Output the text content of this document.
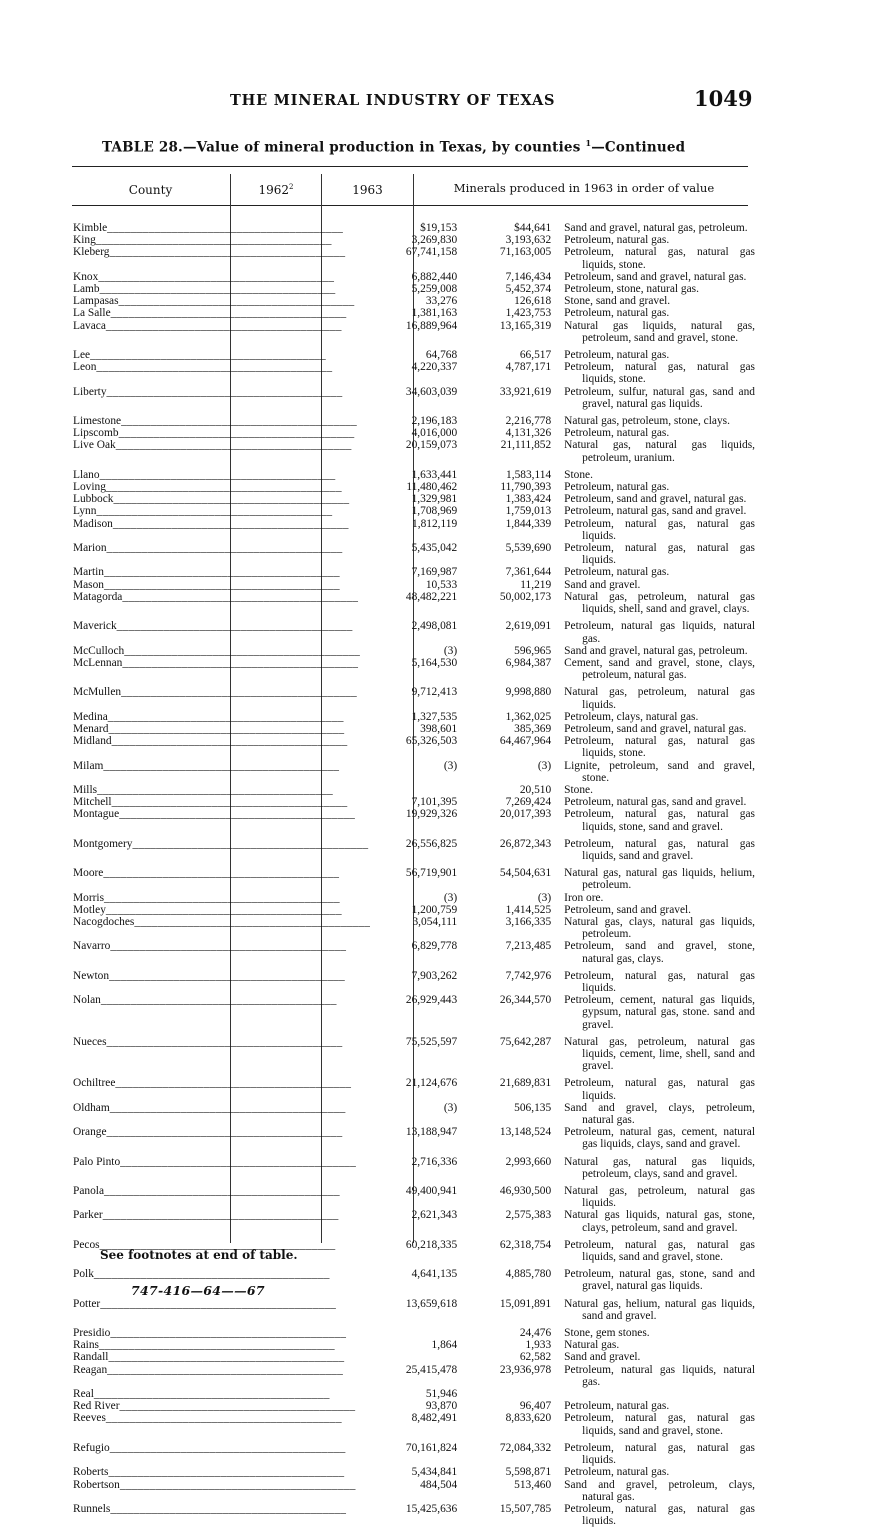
THE MINERAL INDUSTRY OF TEXAS	1049
TABLE 28.—Value of mineral production in Texas, by counties $^1$—Continued
County	1962$^2$	1963	Minerals produced in 1963 in order of value
Kimble________________________________________	$19,153	$44,641	Sand and gravel, natural gas, petroleum.

King________________________________________	3,269,830	3,193,632	Petroleum, natural gas.

Kleberg________________________________________	67,741,158	71,163,005	Petroleum, natural gas, natural gas liquids, stone.

Knox________________________________________	6,882,440	7,146,434	Petroleum, sand and gravel, natural gas.

Lamb________________________________________	5,259,008	5,452,374	Petroleum, stone, natural gas.

Lampasas________________________________________	33,276	126,618	Stone, sand and gravel.

La Salle________________________________________	1,381,163	1,423,753	Petroleum, natural gas.

Lavaca________________________________________	16,889,964	13,165,319	Natural gas liquids, natural gas, petroleum, sand and gravel, stone.

Lee________________________________________	64,768	66,517	Petroleum, natural gas.

Leon________________________________________	4,220,337	4,787,171	Petroleum, natural gas, natural gas liquids, stone.

Liberty________________________________________	34,603,039	33,921,619	Petroleum, sulfur, natural gas, sand and gravel, natural gas liquids.

Limestone________________________________________	2,196,183	2,216,778	Natural gas, petroleum, stone, clays.

Lipscomb________________________________________	4,016,000	4,131,326	Petroleum, natural gas.

Live Oak________________________________________	20,159,073	21,111,852	Natural gas, natural gas liquids, petroleum, uranium.

Llano________________________________________	1,633,441	1,583,114	Stone.

Loving________________________________________	11,480,462	11,790,393	Petroleum, natural gas.

Lubbock________________________________________	1,329,981	1,383,424	Petroleum, sand and gravel, natural gas.

Lynn________________________________________	1,708,969	1,759,013	Petroleum, natural gas, sand and gravel.

Madison________________________________________	1,812,119	1,844,339	Petroleum, natural gas, natural gas liquids.

Marion________________________________________	5,435,042	5,539,690	Petroleum, natural gas, natural gas liquids.

Martin________________________________________	7,169,987	7,361,644	Petroleum, natural gas.

Mason________________________________________	10,533	11,219	Sand and gravel.

Matagorda________________________________________	48,482,221	50,002,173	Natural gas, petroleum, natural gas liquids, shell, sand and gravel, clays.

Maverick________________________________________	2,498,081	2,619,091	Petroleum, natural gas liquids, natural gas.

McCulloch________________________________________	(3)	596,965	Sand and gravel, natural gas, petroleum.

McLennan________________________________________	5,164,530	6,984,387	Cement, sand and gravel, stone, clays, petroleum, natural gas.

McMullen________________________________________	9,712,413	9,998,880	Natural gas, petroleum, natural gas liquids.

Medina________________________________________	1,327,535	1,362,025	Petroleum, clays, natural gas.

Menard________________________________________	398,601	385,369	Petroleum, sand and gravel, natural gas.

Midland________________________________________	65,326,503	64,467,964	Petroleum, natural gas, natural gas liquids, stone.

Milam________________________________________	(3)	(3)	Lignite, petroleum, sand and gravel, stone.

Mills________________________________________		20,510	Stone.

Mitchell________________________________________	7,101,395	7,269,424	Petroleum, natural gas, sand and gravel.

Montague________________________________________	19,929,326	20,017,393	Petroleum, natural gas, natural gas liquids, stone, sand and gravel.

Montgomery________________________________________	26,556,825	26,872,343	Petroleum, natural gas, natural gas liquids, sand and gravel.

Moore________________________________________	56,719,901	54,504,631	Natural gas, natural gas liquids, helium, petroleum.

Morris________________________________________	(3)	(3)	Iron ore.

Motley________________________________________	1,200,759	1,414,525	Petroleum, sand and gravel.

Nacogdoches________________________________________	3,054,111	3,166,335	Natural gas, clays, natural gas liquids, petroleum.

Navarro________________________________________	6,829,778	7,213,485	Petroleum, sand and gravel, stone, natural gas, clays.

Newton________________________________________	7,903,262	7,742,976	Petroleum, natural gas, natural gas liquids.

Nolan________________________________________	26,929,443	26,344,570	Petroleum, cement, natural gas liquids, gypsum, natural gas, stone. sand and gravel.

Nueces________________________________________	75,525,597	75,642,287	Natural gas, petroleum, natural gas liquids, cement, lime, shell, sand and gravel.

Ochiltree________________________________________	21,124,676	21,689,831	Petroleum, natural gas, natural gas liquids.

Oldham________________________________________	(3)	506,135	Sand and gravel, clays, petroleum, natural gas.

Orange________________________________________	13,188,947	13,148,524	Petroleum, natural gas, cement, natural gas liquids, clays, sand and gravel.

Palo Pinto________________________________________	2,716,336	2,993,660	Natural gas, natural gas liquids, petroleum, clays, sand and gravel.

Panola________________________________________	49,400,941	46,930,500	Natural gas, petroleum, natural gas liquids.

Parker________________________________________	2,621,343	2,575,383	Natural gas liquids, natural gas, stone, clays, petroleum, sand and gravel.

Pecos________________________________________	60,218,335	62,318,754	Petroleum, natural gas, natural gas liquids, sand and gravel, stone.

Polk________________________________________	4,641,135	4,885,780	Petroleum, natural gas, stone, sand and gravel, natural gas liquids.

Potter________________________________________	13,659,618	15,091,891	Natural gas, helium, natural gas liquids, sand and gravel.

Presidio________________________________________		24,476	Stone, gem stones.

Rains________________________________________	1,864	1,933	Natural gas.

Randall________________________________________		62,582	Sand and gravel.

Reagan________________________________________	25,415,478	23,936,978	Petroleum, natural gas liquids, natural gas.

Real________________________________________	51,946		

Red River________________________________________	93,870	96,407	Petroleum, natural gas.

Reeves________________________________________	8,482,491	8,833,620	Petroleum, natural gas, natural gas liquids, sand and gravel, stone.

Refugio________________________________________	70,161,824	72,084,332	Petroleum, natural gas, natural gas liquids.

Roberts________________________________________	5,434,841	5,598,871	Petroleum, natural gas.

Robertson________________________________________	484,504	513,460	Sand and gravel, petroleum, clays, natural gas.

Runnels________________________________________	15,425,636	15,507,785	Petroleum, natural gas, natural gas liquids.
See footnotes at end of table.
747-416—64——67
